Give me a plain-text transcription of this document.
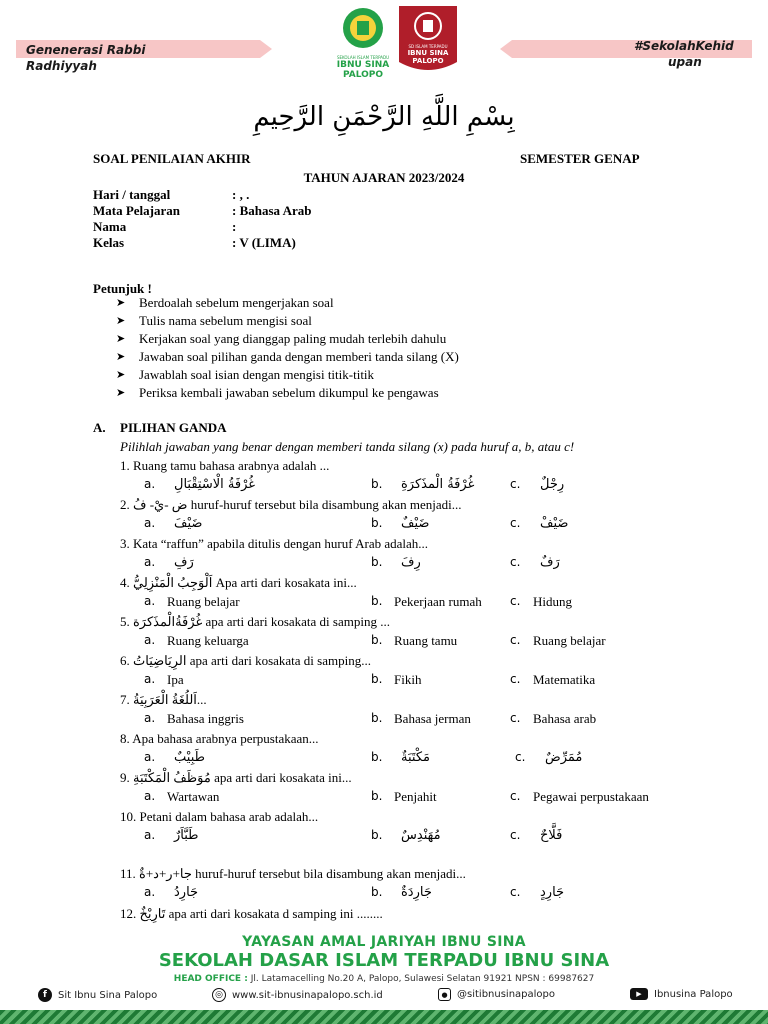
Genenerasi Rabbi
Radhiyyah
#SekolahKehid
upan
SEKOLAH ISLAM TERPADU
IBNU SINA
PALOPO
SD ISLAM TERPADU
IBNU SINA
PALOPO
بِسْمِ اللَّهِ الرَّحْمَنِ الرَّحِيمِ
SOAL PENILAIAN AKHIR	SEMESTER GENAP
TAHUN AJARAN 2023/2024
Hari / tanggal	: , .
Mata Pelajaran	: Bahasa Arab
Nama	:
Kelas	: V (LIMA)
Petunjuk !
➤ Berdoalah sebelum mengerjakan soal
➤ Tulis nama sebelum mengisi soal
➤ Kerjakan soal yang dianggap paling mudah terlebih dahulu
➤ Jawaban soal pilihan ganda dengan memberi tanda silang (X)
➤ Jawablah soal isian dengan mengisi titik-titik
➤ Periksa kembali jawaban sebelum dikumpul ke pengawas
A. PILIHAN GANDA
Pilihlah jawaban yang benar dengan memberi tanda silang (x) pada huruf a, b, atau c!
1. Ruang tamu bahasa arabnya adalah ...
a. غُرْفَةُ الْاسْتِقْبَالِ	b. غُرْفَةُ الْمذَكرَةِ	c. رِجْلٌ
2. ض -يْ- فُ huruf-huruf tersebut bila disambung akan menjadi...
a. ضَيْفَ	b. ضَيْفٌ	c. ضَيْفْ
3. Kata “raffun” apabila ditulis dengan huruf Arab adalah...
a. رَفِ	b. رِفَ	c. رَفٌ
4. اَلْوَجِبُ الْمَنْزِلِيُّ Apa arti dari kosakata ini...
a. Ruang belajar	b. Pekerjaan rumah c. Hidung
5. غُرْفَةُالْمذَكرَة apa arti dari kosakata di samping ...
a. Ruang keluarga	b. Ruang tamu	c. Ruang belajar
6. الرِيَاضِيَاتُ apa arti dari kosakata di samping...
a. Ipa	b. Fikih	c. Matematika
7. اَللُغَةُ الْعَرَبِيَةُ...
a. Bahasa inggris	b. Bahasa jerman	c. Bahasa arab
8. Apa bahasa arabnya perpustakaan...
a. طَبِيْبٌ	b. مَكْتَبَةٌ	c. مُمَرِّضٌ
9. مُوَظَفُ الْمَكْتَبَةِ apa arti dari kosakata ini...
a. Wartawan	b. Penjahit	c. Pegawai perpustakaan
10. Petani dalam bahasa arab adalah...
a. طَبَّاَرٌ	b. مُهَنْدِسٌ	c. فَلَّاحٌ
11. جا+ر+د+ةٌ huruf-huruf tersebut bila disambung akan menjadi...
a. جَارِدُ	b. جَارِدَةٌ	c. جَارِدٍ
12. تَارِيْخٌ apa arti dari kosakata d samping ini ........
YAYASAN AMAL JARIYAH IBNU SINA
SEKOLAH DASAR ISLAM TERPADU IBNU SINA
HEAD OFFICE : Jl. Latamacelling No.20 A, Palopo, Sulawesi Selatan 91921 NPSN : 69987627
f	Sit Ibnu Sina Palopo	◎ www.sit-ibnusinapalopo.sch.id	● @sitibnusinapalopo	▶	Ibnusina Palopo
